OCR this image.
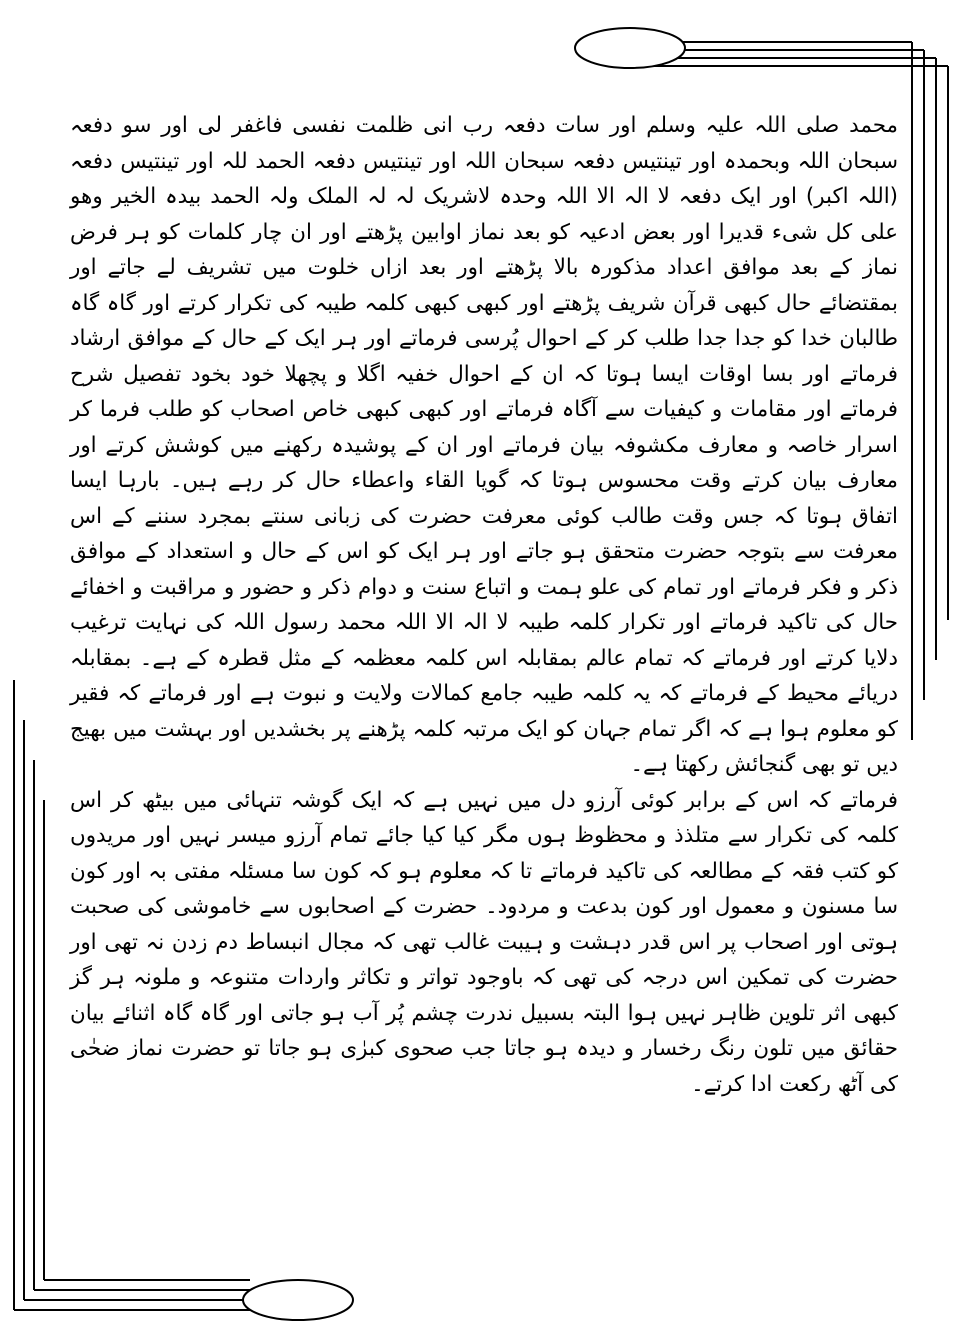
محمد صلی اللہ علیہ وسلم اور سات دفعہ رب انی ظلمت نفسی فاغفر لی اور سو دفعہ سبحان اللہ وبحمدہ اور تینتیس دفعہ سبحان اللہ اور تینتیس دفعہ الحمد للہ اور تینتیس دفعہ (اللہ اکبر) اور ایک دفعہ لا الہ الا اللہ وحدہ لاشریک لہ لہ الملک ولہ الحمد بیدہ الخیر وھو علی کل شیء قدیرا اور بعض ادعیہ کو بعد نماز اوابین پڑھتے اور ان چار کلمات کو ہر فرض نماز کے بعد موافق اعداد مذکورہ بالا پڑھتے اور بعد ازاں خلوت میں تشریف لے جاتے اور بمقتضائے حال کبھی قرآن شریف پڑھتے اور کبھی کبھی کلمہ طیبہ کی تکرار کرتے اور گاہ گاہ طالبان خدا کو جدا جدا طلب کر کے احوال پُرسی فرماتے اور ہر ایک کے حال کے موافق ارشاد فرماتے اور بسا اوقات ایسا ہوتا کہ ان کے احوال خفیہ اگلا و پچھلا خود بخود تفصیل شرح فرماتے اور مقامات و کیفیات سے آگاہ فرماتے اور کبھی کبھی خاص اصحاب کو طلب فرما کر اسرار خاصہ و معارف مکشوفہ بیان فرماتے اور ان کے پوشیدہ رکھنے میں کوشش کرتے اور معارف بیان کرتے وقت محسوس ہوتا کہ گویا القاء واعطاء حال کر رہے ہیں۔ بارہا ایسا اتفاق ہوتا کہ جس وقت طالب کوئی معرفت حضرت کی زبانی سنتے بمجرد سننے کے اس معرفت سے بتوجہ حضرت متحقق ہو جاتے اور ہر ایک کو اس کے حال و استعداد کے موافق ذکر و فکر فرماتے اور تمام کی علو ہمت و اتباع سنت و دوام ذکر و حضور و مراقبت و اخفائے حال کی تاکید فرماتے اور تکرار کلمہ طیبہ لا الہ الا اللہ محمد رسول اللہ کی نہایت ترغیب دلایا کرتے اور فرماتے کہ تمام عالم بمقابلہ اس کلمہ معظمہ کے مثل قطرہ کے ہے۔ بمقابلہ دریائے محیط کے فرماتے کہ یہ کلمہ طیبہ جامع کمالات ولایت و نبوت ہے اور فرماتے کہ فقیر کو معلوم ہوا ہے کہ اگر تمام جہان کو ایک مرتبہ کلمہ پڑھنے پر بخشدیں اور بہشت میں بھیج دیں تو بھی گنجائش رکھتا ہے۔

فرماتے کہ اس کے برابر کوئی آرزو دل میں نہیں ہے کہ ایک گوشہ تنہائی میں بیٹھ کر اس کلمہ کی تکرار سے متلذذ و محظوظ ہوں مگر کیا کیا جائے تمام آرزو میسر نہیں اور مریدوں کو کتب فقہ کے مطالعہ کی تاکید فرماتے تا کہ معلوم ہو کہ کون سا مسئلہ مفتی بہ اور کون سا مسنون و معمول اور کون بدعت و مردود۔ حضرت کے اصحابوں سے خاموشی کی صحبت ہوتی اور اصحاب پر اس قدر دہشت و ہیبت غالب تھی کہ مجال انبساط دم زدن نہ تھی اور حضرت کی تمکین اس درجہ کی تھی کہ باوجود تواتر و تکاثر واردات متنوعہ و ملونہ ہر گز کبھی اثر تلوین ظاہر نہیں ہوا البتہ بسبیل ندرت چشم پُر آب ہو جاتی اور گاہ گاہ اثنائے بیان حقائق میں تلون رنگ رخسار و دیدہ ہو جاتا جب صحوی کبرٰی ہو جاتا تو حضرت نماز ضحٰی کی آٹھ رکعت ادا کرتے۔
